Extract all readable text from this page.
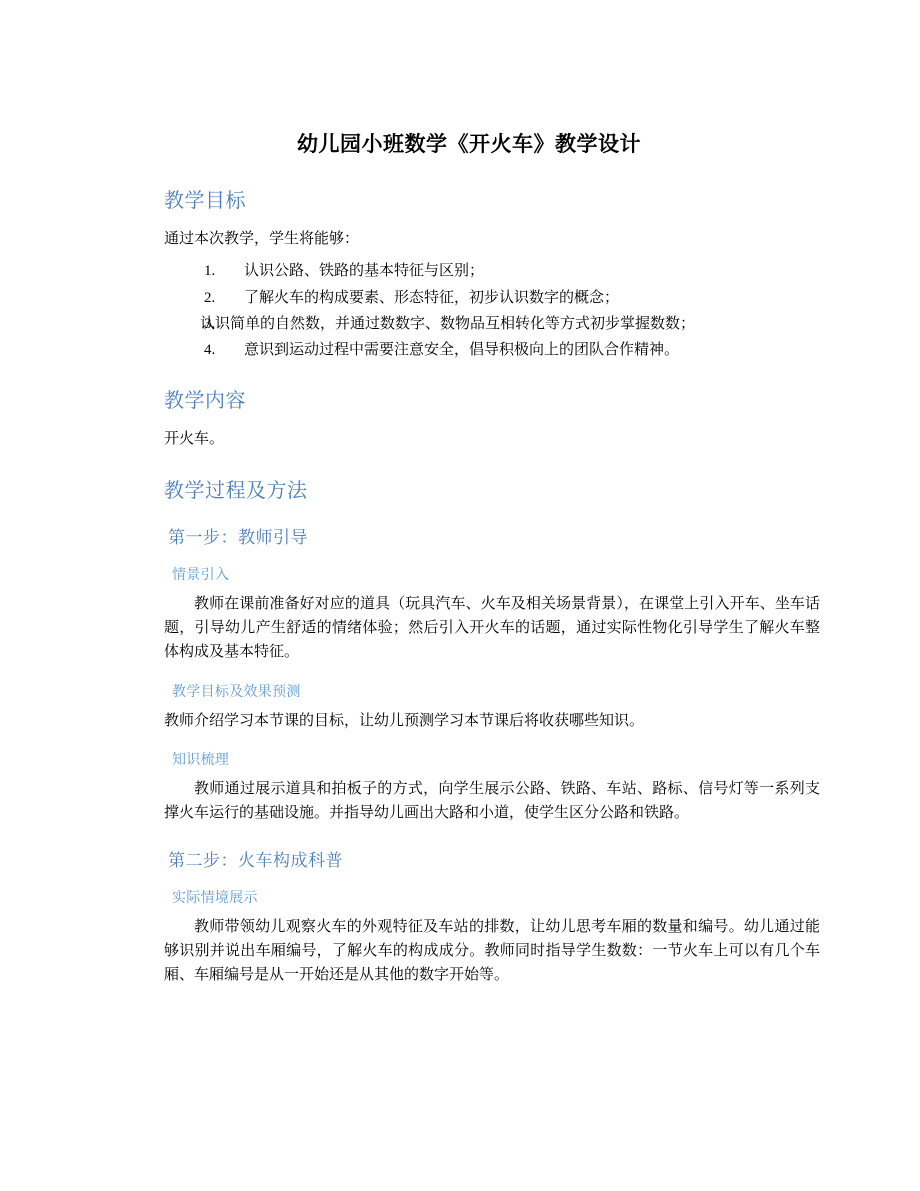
幼儿园小班数学《开火车》教学设计
教学目标

通过本次教学，学生将能够：

认识公路、铁路的基本特征与区别；
了解火车的构成要素、形态特征，初步认识数字的概念；
认识简单的自然数，并通过数数字、数物品互相转化等方式初步掌握数数；
意识到运动过程中需要注意安全，倡导积极向上的团队合作精神。
教学内容

开火车。

教学过程及方法
第一步：教师引导
情景引入

教师在课前准备好对应的道具（玩具汽车、火车及相关场景背景），在课堂上引入开车、坐车话题，引导幼儿产生舒适的情绪体验；然后引入开火车的话题，通过实际性物化引导学生了解火车整体构成及基本特征。

教学目标及效果预测

教师介绍学习本节课的目标，让幼儿预测学习本节课后将收获哪些知识。

知识梳理

教师通过展示道具和拍板子的方式，向学生展示公路、铁路、车站、路标、信号灯等一系列支撑火车运行的基础设施。并指导幼儿画出大路和小道，使学生区分公路和铁路。

第二步：火车构成科普
实际情境展示

教师带领幼儿观察火车的外观特征及车站的排数，让幼儿思考车厢的数量和编号。幼儿通过能够识别并说出车厢编号，了解火车的构成成分。教师同时指导学生数数：一节火车上可以有几个车厢、车厢编号是从一开始还是从其他的数字开始等。
